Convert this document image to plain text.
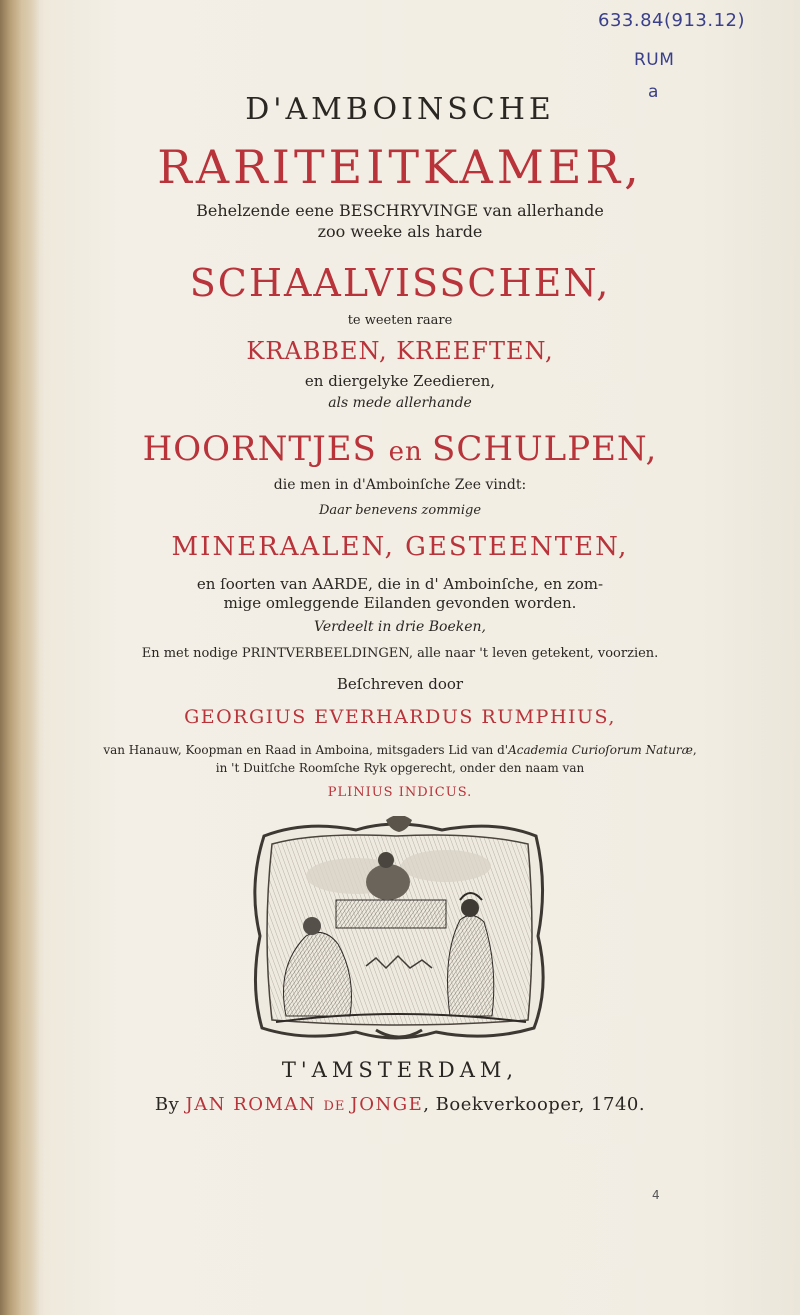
633.84(913.12)
RUM
a
D'AMBOINSCHE
RARITEITKAMER,
Behelzende eene BESCHRYVINGE van allerhande
zoo weeke als harde
SCHAALVISSCHEN,
te weeten raare
KRABBEN, KREEFTEN,
en diergelyke Zeedieren,
als mede allerhande
HOORNTJES en SCHULPEN,
die men in d'Amboinſche Zee vindt:
Daar benevens zommige
MINERAALEN, GESTEENTEN,
en ſoorten van AARDE, die in d' Amboinſche, en zom-
mige omleggende Eilanden gevonden worden.
Verdeelt in drie Boeken,
En met nodige PRINTVERBEELDINGEN, alle naar 't leven getekent, voorzien.
Beſchreven door
GEORGIUS EVERHARDUS RUMPHIUS,
van Hanauw, Koopman en Raad in Amboina, mitsgaders Lid van d'Academia Curioſorum Naturæ,
in 't Duitſche Roomſche Ryk opgerecht, onder den naam van
PLINIUS INDICUS.
T'AMSTERDAM,
By JAN ROMAN DE JONGE, Boekverkooper, 1740.
4
